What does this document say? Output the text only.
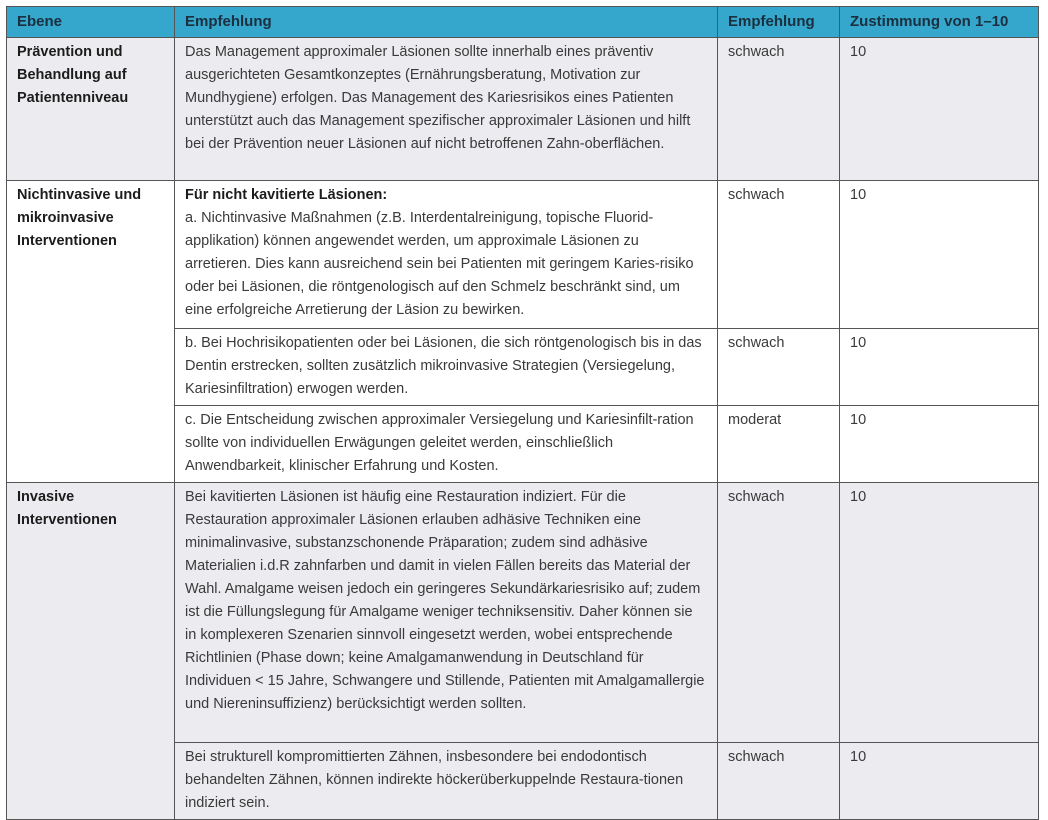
Ebene	Empfehlung	Empfehlung	Zustimmung von 1–10
Prävention und Behandlung auf Patientenniveau	Das Management approximaler Läsionen sollte innerhalb eines präventiv ausgerichteten Gesamtkonzeptes (Ernährungsberatung, Motivation zur Mundhygiene) erfolgen. Das Management des Kariesrisikos eines Patienten unterstützt auch das Management spezifischer approximaler Läsionen und hilft bei der Prävention neuer Läsionen auf nicht betroffenen Zahn-oberflächen.	schwach	10
Nichtinvasive und mikroinvasive Interventionen	Für nicht kavitierte Läsionen:
a. Nichtinvasive Maßnahmen (z.B. Interdentalreinigung, topische Fluorid-applikation) können angewendet werden, um approximale Läsionen zu arretieren. Dies kann ausreichend sein bei Patienten mit geringem Karies-risiko oder bei Läsionen, die röntgenologisch auf den Schmelz beschränkt sind, um eine erfolgreiche Arretierung der Läsion zu bewirken.	schwach	10

	b. Bei Hochrisikopatienten oder bei Läsionen, die sich röntgenologisch bis in das Dentin erstrecken, sollten zusätzlich mikroinvasive Strategien (Versiegelung, Kariesinfiltration) erwogen werden.	schwach	10

	c. Die Entscheidung zwischen approximaler Versiegelung und Kariesinfilt-ration sollte von individuellen Erwägungen geleitet werden, einschließlich Anwendbarkeit, klinischer Erfahrung und Kosten.	moderat	10
Invasive Interventionen	Bei kavitierten Läsionen ist häufig eine Restauration indiziert. Für die Restauration approximaler Läsionen erlauben adhäsive Techniken eine minimalinvasive, substanzschonende Präparation; zudem sind adhäsive Materialien i.d.R zahnfarben und damit in vielen Fällen bereits das Material der Wahl. Amalgame weisen jedoch ein geringeres Sekundärkariesrisiko auf; zudem ist die Füllungslegung für Amalgame weniger techniksensitiv. Daher können sie in komplexeren Szenarien sinnvoll eingesetzt werden, wobei entsprechende Richtlinien (Phase down; keine Amalgamanwendung in Deutschland für Individuen < 15 Jahre, Schwangere und Stillende, Patienten mit Amalgamallergie und Niereninsuffizienz) berücksichtigt werden sollten.	schwach	10

	Bei strukturell kompromittierten Zähnen, insbesondere bei endodontisch behandelten Zähnen, können indirekte höckerüberkuppelnde Restaura-tionen indiziert sein.	schwach	10
